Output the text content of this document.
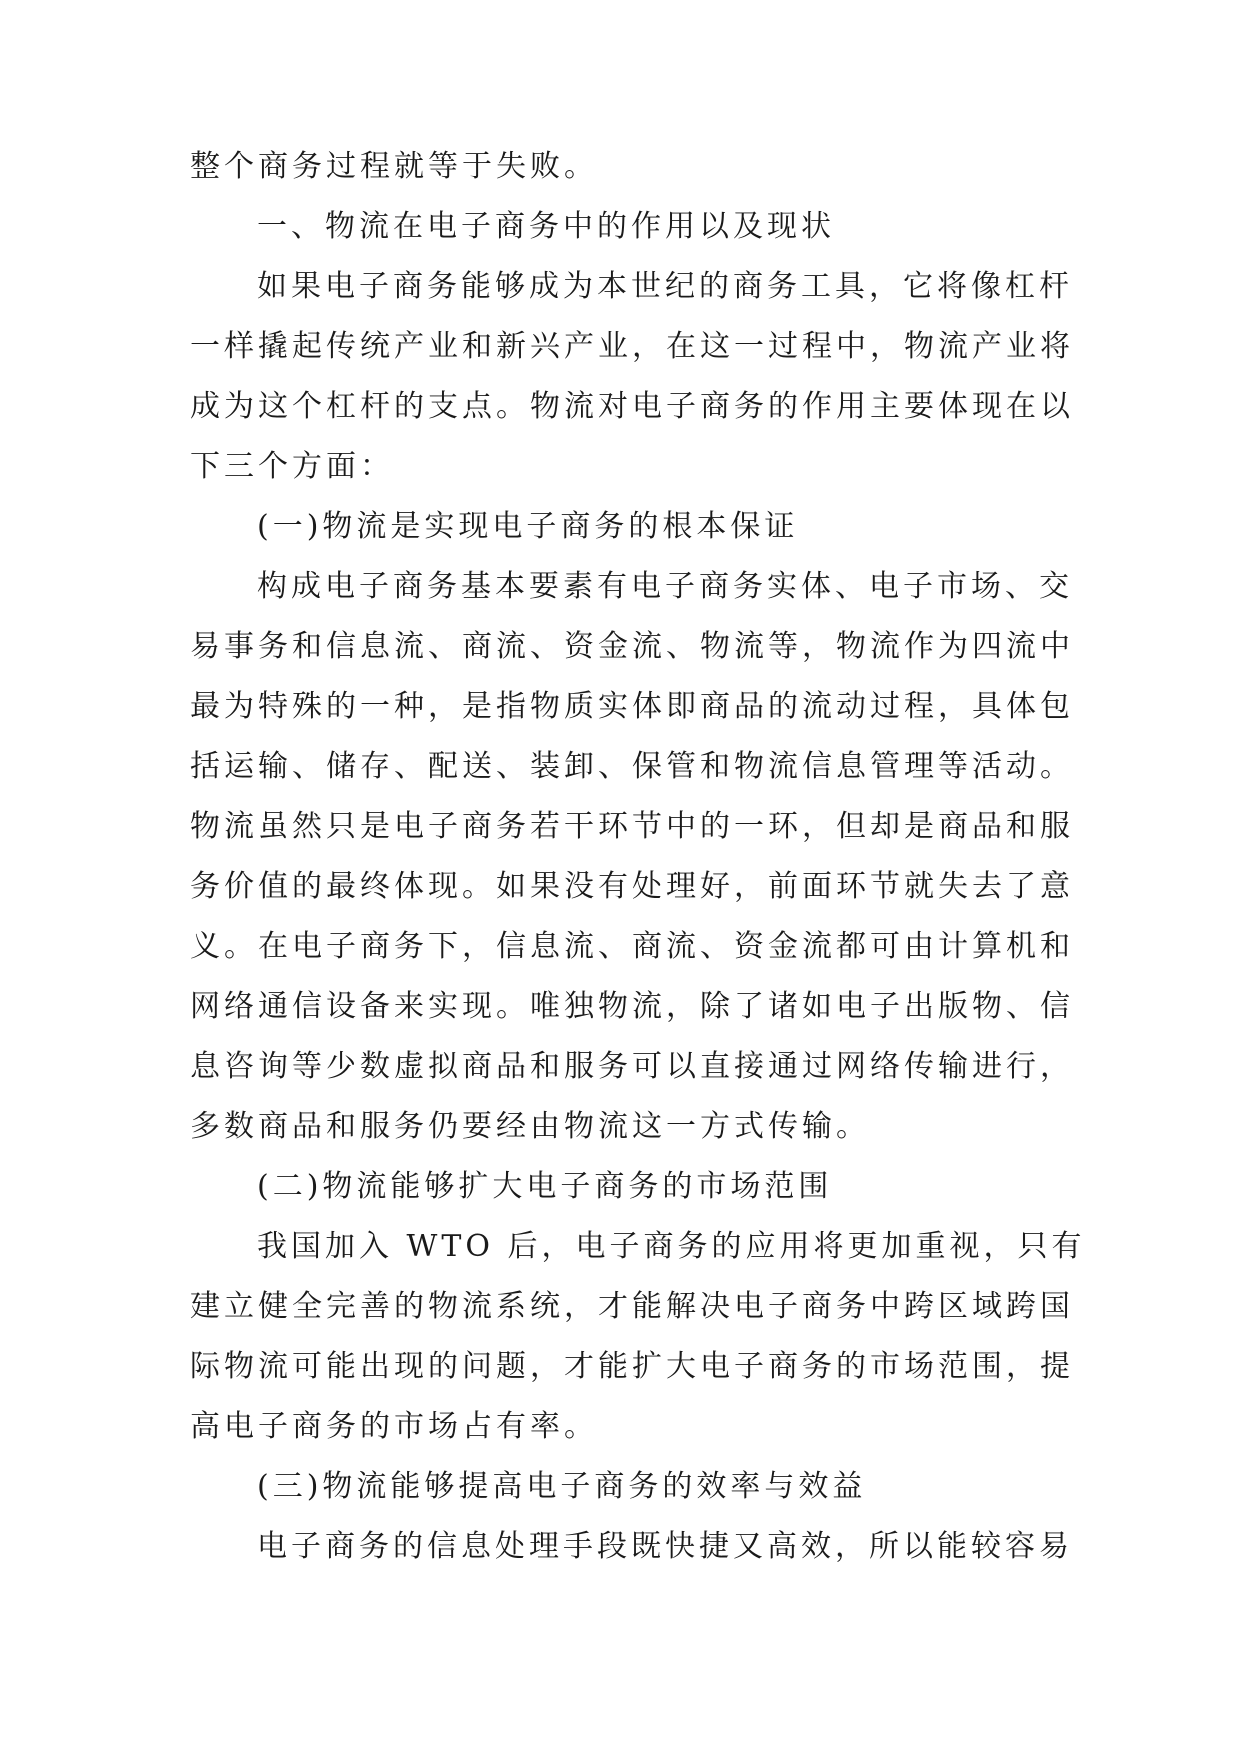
整个商务过程就等于失败。
一、物流在电子商务中的作用以及现状
如果电子商务能够成为本世纪的商务工具，它将像杠杆
一样撬起传统产业和新兴产业，在这一过程中，物流产业将
成为这个杠杆的支点。物流对电子商务的作用主要体现在以
下三个方面：
(一)物流是实现电子商务的根本保证
构成电子商务基本要素有电子商务实体、电子市场、交
易事务和信息流、商流、资金流、物流等，物流作为四流中
最为特殊的一种，是指物质实体即商品的流动过程，具体包
括运输、储存、配送、装卸、保管和物流信息管理等活动。
物流虽然只是电子商务若干环节中的一环，但却是商品和服
务价值的最终体现。如果没有处理好，前面环节就失去了意
义。在电子商务下，信息流、商流、资金流都可由计算机和
网络通信设备来实现。唯独物流，除了诸如电子出版物、信
息咨询等少数虚拟商品和服务可以直接通过网络传输进行，
多数商品和服务仍要经由物流这一方式传输。
(二)物流能够扩大电子商务的市场范围
我国加入 WTO 后，电子商务的应用将更加重视，只有
建立健全完善的物流系统，才能解决电子商务中跨区域跨国
际物流可能出现的问题，才能扩大电子商务的市场范围，提
高电子商务的市场占有率。
(三)物流能够提高电子商务的效率与效益
电子商务的信息处理手段既快捷又高效，所以能较容易
